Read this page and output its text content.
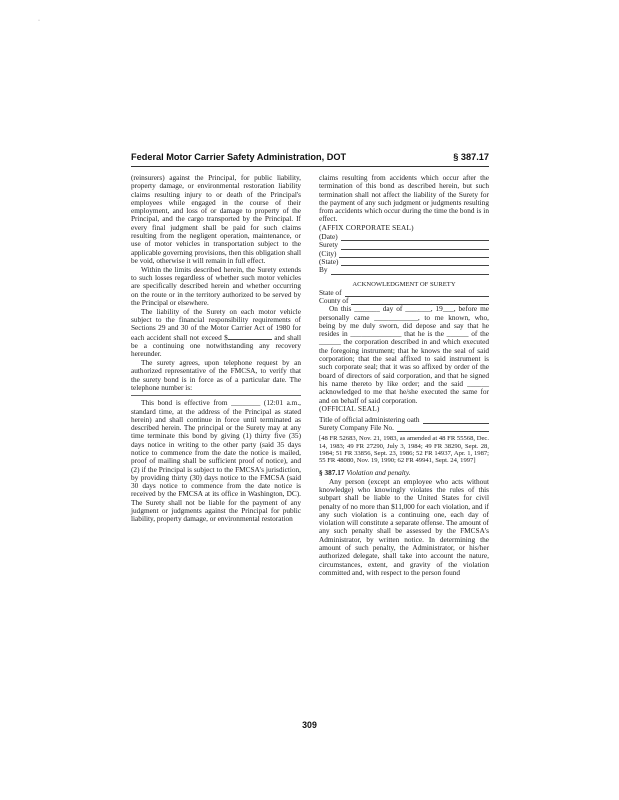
·
Federal Motor Carrier Safety Administration, DOT	§ 387.17

(reinsurers) against the Principal, for public liability, property damage, or environmental restoration liability claims resulting injury to or death of the Principal's employees while engaged in the course of their employment, and loss of or damage to property of the Principal, and the cargo transported by the Principal. If every final judgment shall be paid for such claims resulting from the negligent operation, maintenance, or use of motor vehicles in transportation subject to the applicable governing provisions, then this obligation shall be void, otherwise it will remain in full effect.

Within the limits described herein, the Surety extends to such losses regardless of whether such motor vehicles are specifically described herein and whether occurring on the route or in the territory authorized to be served by the Principal or elsewhere.

The liability of the Surety on each motor vehicle subject to the financial responsibility requirements of Sections 29 and 30 of the Motor Carrier Act of 1980 for each accident shall not exceed $	and shall be a continuing one notwithstanding any recovery hereunder.

The surety agrees, upon telephone request by an authorized representative of the FMCSA, to verify that the surety bond is in force as of a particular date. The telephone number is:

This bond is effective from ________ (12:01 a.m., standard time, at the address of the Principal as stated herein) and shall continue in force until terminated as described herein. The principal or the Surety may at any time terminate this bond by giving (1) thirty five (35) days notice in writing to the other party (said 35 days notice to commence from the date the notice is mailed, proof of mailing shall be sufficient proof of notice), and (2) if the Principal is subject to the FMCSA's jurisdiction, by providing thirty (30) days notice to the FMCSA (said 30 days notice to commence from the date notice is received by the FMCSA at its office in Washington, DC). The Surety shall not be liable for the payment of any judgment or judgments against the Principal for public liability, property damage, or environmental restoration

claims resulting from accidents which occur after the termination of this bond as described herein, but such termination shall not affect the liability of the Surety for the payment of any such judgment or judgments resulting from accidents which occur during the time the bond is in effect.

(AFFIX CORPORATE SEAL)

(Date)
Surety
(City)
(State)
By

ACKNOWLEDGMENT OF SURETY

State of
County of

On this _______ day of _______, 19___, before me personally came ____________, to me known, who, being by me duly sworn, did depose and say that he resides in ______________ that he is the ______ of the ______ the corporation described in and which executed the foregoing instrument; that he knows the seal of said corporation; that the seal affixed to said instrument is such corporate seal; that it was so affixed by order of the board of directors of said corporation, and that he signed his name thereto by like order; and the said ______ acknowledged to me that he/she executed the same for and on behalf of said corporation.

(OFFICIAL SEAL)

Title of official administering oath
Surety Company File No.

[48 FR 52683, Nov. 21, 1983, as amended at 48 FR 55568, Dec. 14, 1983; 49 FR 27290, July 3, 1984; 49 FR 38290, Sept. 28, 1984; 51 FR 33856, Sept. 23, 1986; 52 FR 14937, Apr. 1, 1987; 55 FR 48080, Nov. 19, 1990; 62 FR 49941, Sept. 24, 1997]

§ 387.17 Violation and penalty.

Any person (except an employee who acts without knowledge) who knowingly violates the rules of this subpart shall be liable to the United States for civil penalty of no more than $11,000 for each violation, and if any such violation is a continuing one, each day of violation will constitute a separate offense. The amount of any such penalty shall be assessed by the FMCSA's Administrator, by written notice. In determining the amount of such penalty, the Administrator, or his/her authorized delegate, shall take into account the nature, circumstances, extent, and gravity of the violation committed and, with respect to the person found

309
